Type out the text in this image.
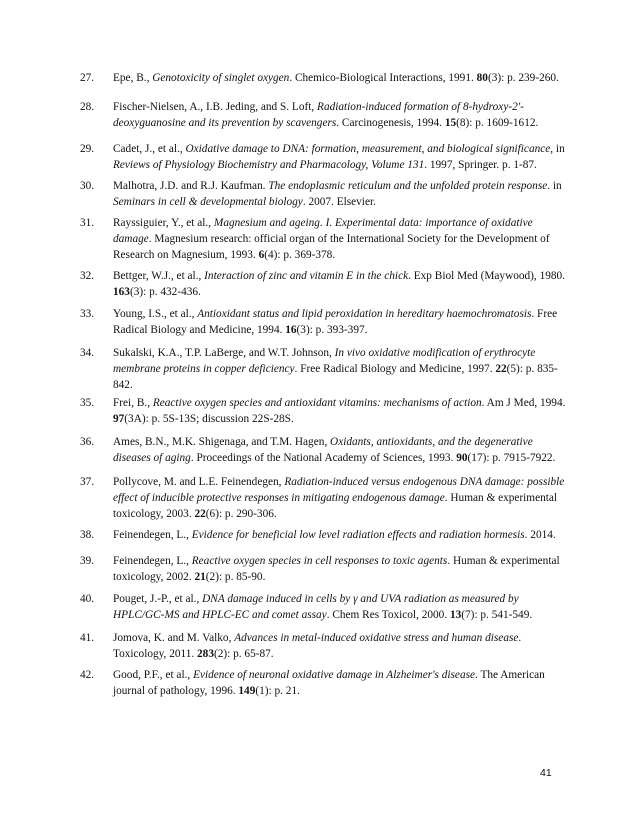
27. Epe, B., Genotoxicity of singlet oxygen. Chemico-Biological Interactions, 1991. 80(3): p. 239-260.
28. Fischer-Nielsen, A., I.B. Jeding, and S. Loft, Radiation-induced formation of 8-hydroxy-2'-deoxyguanosine and its prevention by scavengers. Carcinogenesis, 1994. 15(8): p. 1609-1612.
29. Cadet, J., et al., Oxidative damage to DNA: formation, measurement, and biological significance, in Reviews of Physiology Biochemistry and Pharmacology, Volume 131. 1997, Springer. p. 1-87.
30. Malhotra, J.D. and R.J. Kaufman. The endoplasmic reticulum and the unfolded protein response. in Seminars in cell & developmental biology. 2007. Elsevier.
31. Rayssiguier, Y., et al., Magnesium and ageing. I. Experimental data: importance of oxidative damage. Magnesium research: official organ of the International Society for the Development of Research on Magnesium, 1993. 6(4): p. 369-378.
32. Bettger, W.J., et al., Interaction of zinc and vitamin E in the chick. Exp Biol Med (Maywood), 1980. 163(3): p. 432-436.
33. Young, I.S., et al., Antioxidant status and lipid peroxidation in hereditary haemochromatosis. Free Radical Biology and Medicine, 1994. 16(3): p. 393-397.
34. Sukalski, K.A., T.P. LaBerge, and W.T. Johnson, In vivo oxidative modification of erythrocyte membrane proteins in copper deficiency. Free Radical Biology and Medicine, 1997. 22(5): p. 835-842.
35. Frei, B., Reactive oxygen species and antioxidant vitamins: mechanisms of action. Am J Med, 1994. 97(3A): p. 5S-13S; discussion 22S-28S.
36. Ames, B.N., M.K. Shigenaga, and T.M. Hagen, Oxidants, antioxidants, and the degenerative diseases of aging. Proceedings of the National Academy of Sciences, 1993. 90(17): p. 7915-7922.
37. Pollycove, M. and L.E. Feinendegen, Radiation-induced versus endogenous DNA damage: possible effect of inducible protective responses in mitigating endogenous damage. Human & experimental toxicology, 2003. 22(6): p. 290-306.
38. Feinendegen, L., Evidence for beneficial low level radiation effects and radiation hormesis. 2014.
39. Feinendegen, L., Reactive oxygen species in cell responses to toxic agents. Human & experimental toxicology, 2002. 21(2): p. 85-90.
40. Pouget, J.-P., et al., DNA damage induced in cells by γ and UVA radiation as measured by HPLC/GC-MS and HPLC-EC and comet assay. Chem Res Toxicol, 2000. 13(7): p. 541-549.
41. Jomova, K. and M. Valko, Advances in metal-induced oxidative stress and human disease. Toxicology, 2011. 283(2): p. 65-87.
42. Good, P.F., et al., Evidence of neuronal oxidative damage in Alzheimer's disease. The American journal of pathology, 1996. 149(1): p. 21.
41
